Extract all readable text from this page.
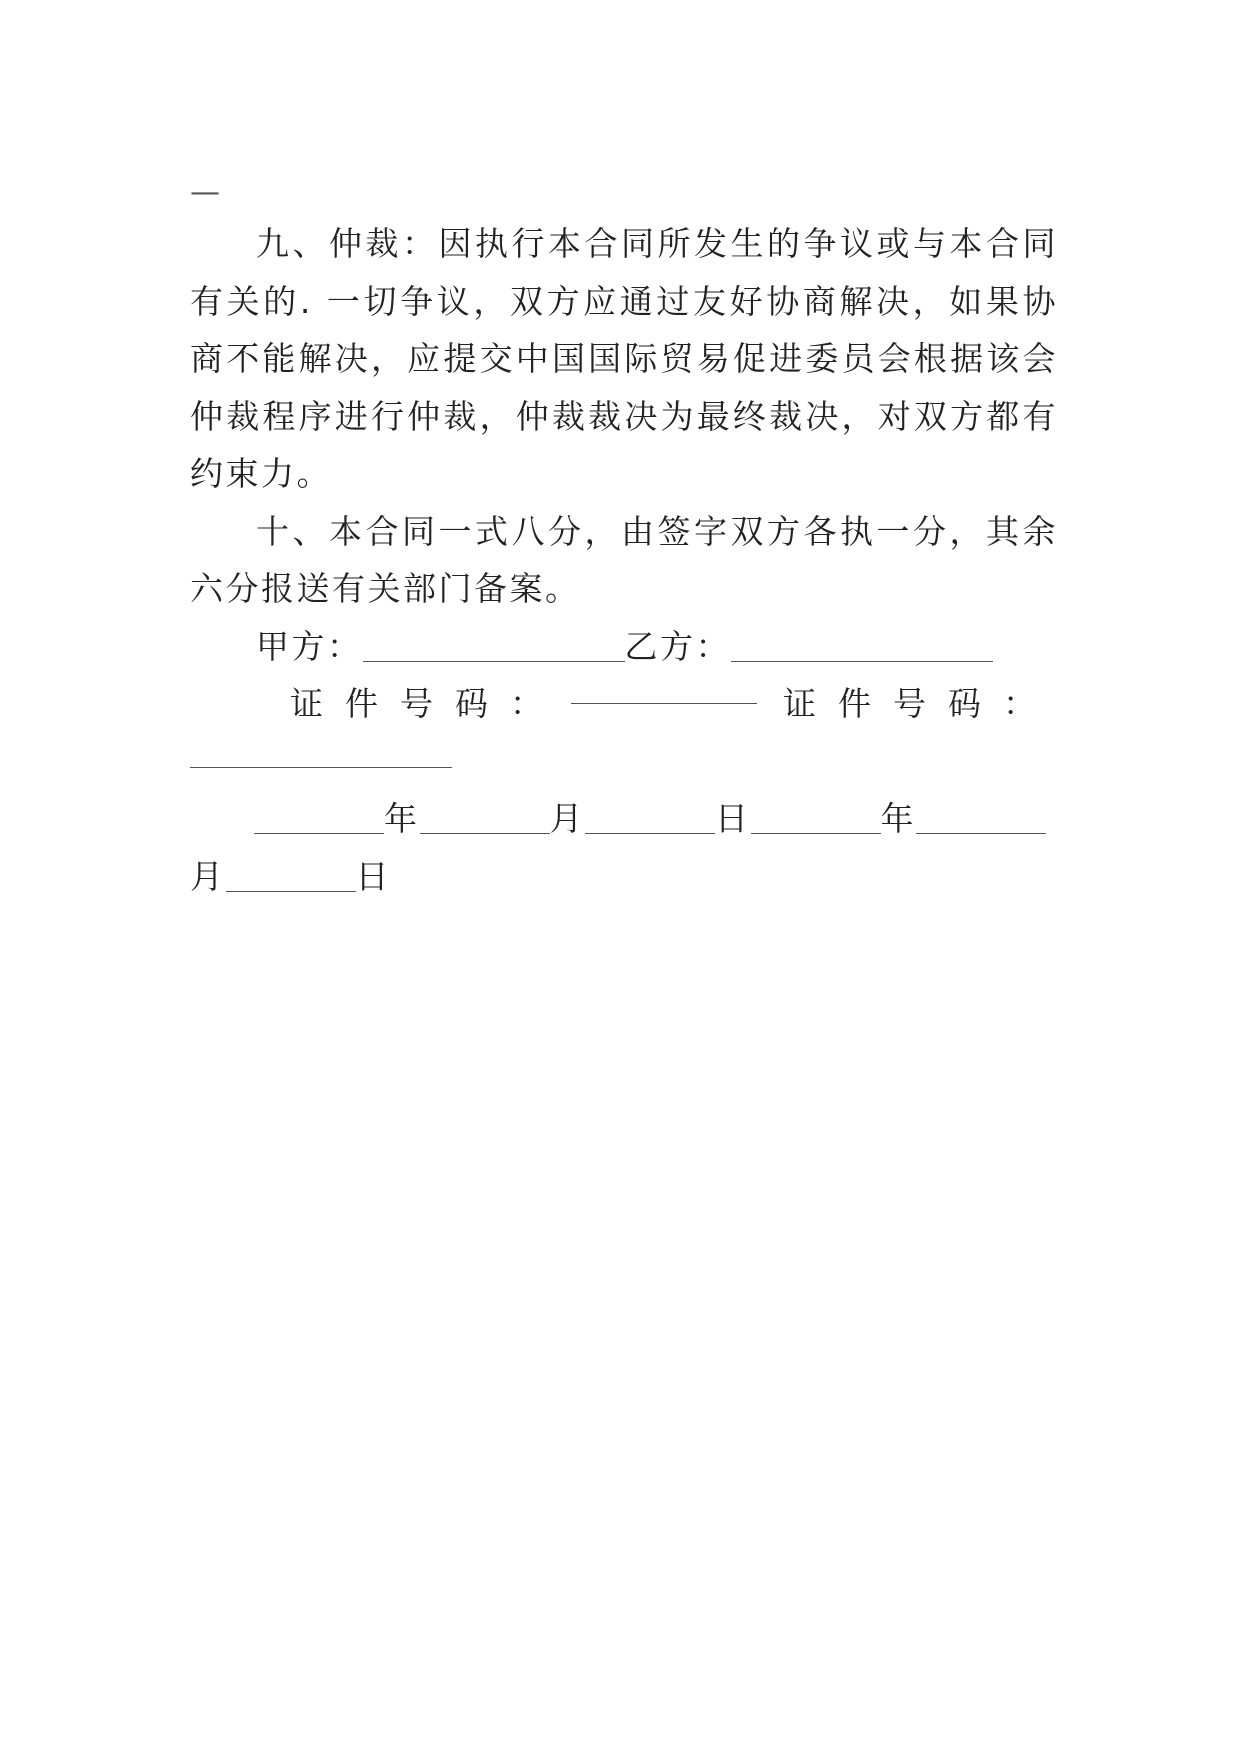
—

九、仲裁：因执行本合同所发生的争议或与本合同有关的. 一切争议，双方应通过友好协商解决，如果协商不能解决，应提交中国国际贸易促进委员会根据该会仲裁程序进行仲裁，仲裁裁决为最终裁决，对双方都有约束力。

十、本合同一式八分，由签字双方各执一分，其余六分报送有关部门备案。

甲方：	乙方：

证件号码：	证件号码：

年	月	日	年

月	日
